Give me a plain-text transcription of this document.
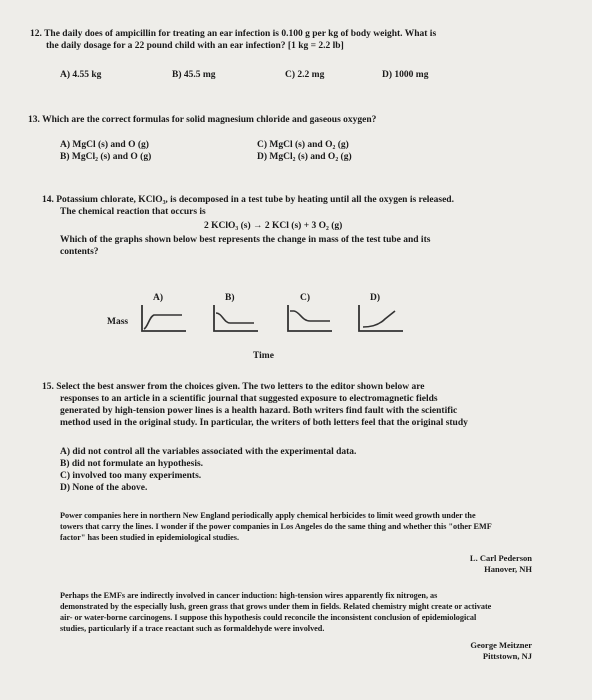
12. The daily does of ampicillin for treating an ear infection is 0.100 g per kg of body weight. What is
the daily dosage for a 22 pound child with an ear infection? [1 kg = 2.2 lb]
A) 4.55 kg	B) 45.5 mg	C) 2.2 mg	D) 1000 mg
13. Which are the correct formulas for solid magnesium chloride and gaseous oxygen?
A) MgCl (s) and O (g)
B) MgCl₂ (s) and O (g)
C) MgCl (s) and O₂ (g)
D) MgCl₂ (s) and O₂ (g)
14. Potassium chlorate, KClO₃, is decomposed in a test tube by heating until all the oxygen is released.
The chemical reaction that occurs is
2 KClO₃ (s) → 2 KCl (s) + 3 O₂ (g)
Which of the graphs shown below best represents the change in mass of the test tube and its
contents?
A)	B)	C)	D)
Mass
Time
15. Select the best answer from the choices given. The two letters to the editor shown below are
responses to an article in a scientific journal that suggested exposure to electromagnetic fields
generated by high-tension power lines is a health hazard. Both writers find fault with the scientific
method used in the original study. In particular, the writers of both letters feel that the original study
A) did not control all the variables associated with the experimental data.
B) did not formulate an hypothesis.
C) involved too many experiments.
D) None of the above.
Power companies here in northern New England periodically apply chemical herbicides to limit weed growth under the
towers that carry the lines. I wonder if the power companies in Los Angeles do the same thing and whether this "other EMF
factor" has been studied in epidemiological studies.
L. Carl Pederson
Hanover, NH
Perhaps the EMFs are indirectly involved in cancer induction: high-tension wires apparently fix nitrogen, as
demonstrated by the especially lush, green grass that grows under them in fields. Related chemistry might create or activate
air- or water-borne carcinogens. I suppose this hypothesis could reconcile the inconsistent conclusion of epidemiological
studies, particularly if a trace reactant such as formaldehyde were involved.
George Meitzner
Pittstown, NJ
